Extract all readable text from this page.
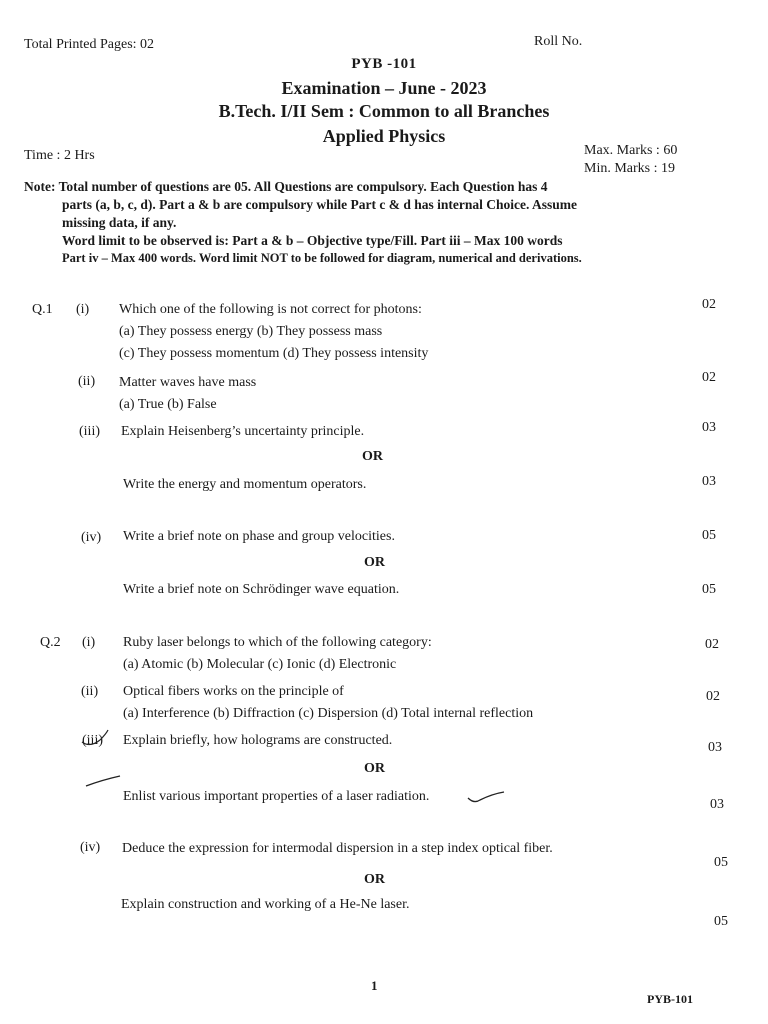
Total Printed Pages: 02	Roll No.
PYB -101
Examination – June - 2023
B.Tech. I/II Sem : Common to all Branches
Applied Physics
Time : 2 Hrs	Max. Marks : 60
Min. Marks : 19
Note: Total number of questions are 05. All Questions are compulsory. Each Question has 4
parts (a, b, c, d). Part a & b are compulsory while Part c & d has internal Choice. Assume
missing data, if any.
Word limit to be observed is: Part a & b – Objective type/Fill. Part iii – Max 100 words
Part iv – Max 400 words. Word limit NOT to be followed for diagram, numerical and derivations.
Q.1 (i) Which one of the following is not correct for photons:
(a) They possess energy (b) They possess mass
(c) They possess momentum (d) They possess intensity
02
(ii) Matter waves have mass
(a) True (b) False
02
(iii) Explain Heisenberg’s uncertainty principle.	03
OR
Write the energy and momentum operators.	03
(iv) Write a brief note on phase and group velocities.	05
OR
Write a brief note on Schrödinger wave equation.	05
Q.2 (i) Ruby laser belongs to which of the following category:
(a) Atomic (b) Molecular (c) Ionic (d) Electronic
02
(ii) Optical fibers works on the principle of
(a) Interference (b) Diffraction (c) Dispersion (d) Total internal reflection
02
(iii) Explain briefly, how holograms are constructed.	03
OR
Enlist various important properties of a laser radiation.
03
(iv) Deduce the expression for intermodal dispersion in a step index optical fiber.
05
OR
Explain construction and working of a He-Ne laser.
05
1
PYB-101
